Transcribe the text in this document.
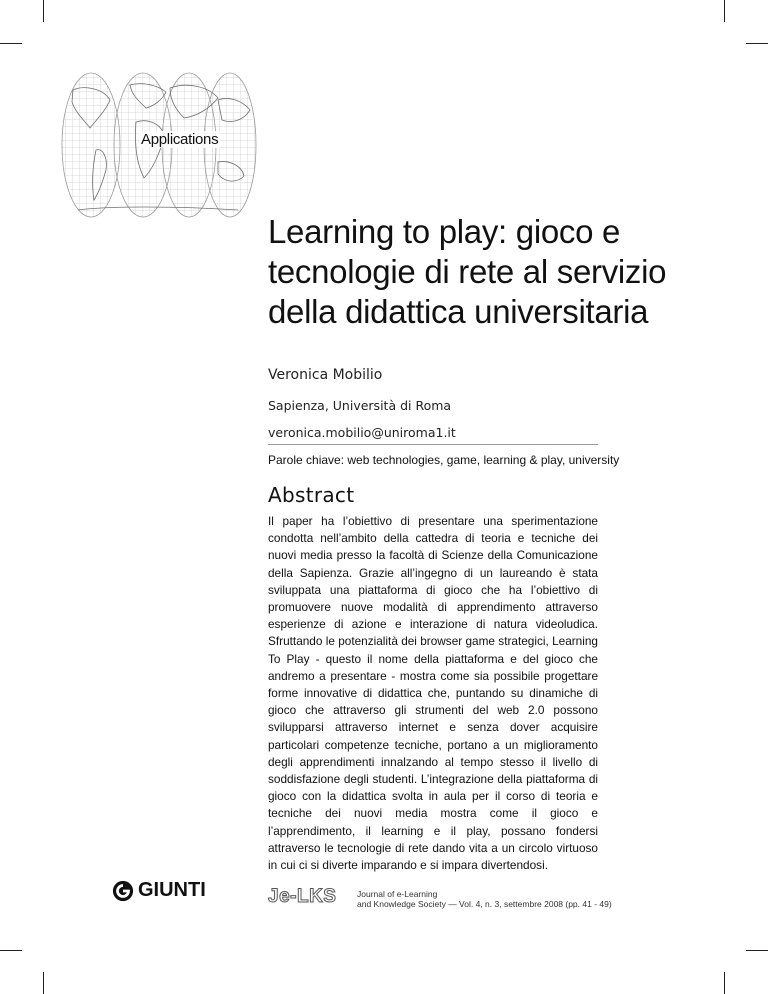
Applications
Learning to play: gioco e
tecnologie di rete al servizio
della didattica universitaria
Veronica Mobilio
Sapienza, Università di Roma
veronica.mobilio@uniroma1.it
Parole chiave: web technologies, game, learning & play, university
Abstract

Il paper ha l’obiettivo di presentare una sperimentazione condotta nell’ambito della cattedra di teoria e tecniche dei nuovi media presso la facoltà di Scienze della Comunicazione della Sapienza. Grazie all’ingegno di un laureando è stata sviluppata una piattaforma di gioco che ha l’obiettivo di promuovere nuove modalità di apprendimento attraverso esperienze di azione e interazione di natura videoludica. Sfruttando le potenzialità dei browser game strategici, Learning To Play - questo il nome della piattaforma e del gioco che andremo a presentare - mostra come sia possibile progettare forme innovative di didattica che, puntando su dinamiche di gioco che attraverso gli strumenti del web 2.0 possono svilupparsi attraverso internet e senza dover acquisire particolari competenze tecniche, portano a un miglioramento degli apprendimenti innalzando al tempo stesso il livello di soddisfazione degli studenti. L’integrazione della piattaforma di gioco con la didattica svolta in aula per il corso di teoria e tecniche dei nuovi media mostra come il gioco e l’apprendimento, il learning e il play, possano fondersi attraverso le tecnologie di rete dando vita a un circolo virtuoso in cui ci si diverte imparando e si impara divertendosi.

GIUNTI	Je-LKS Journal of e-Learning
and Knowledge Society — Vol. 4, n. 3, settembre 2008 (pp. 41 - 49)
